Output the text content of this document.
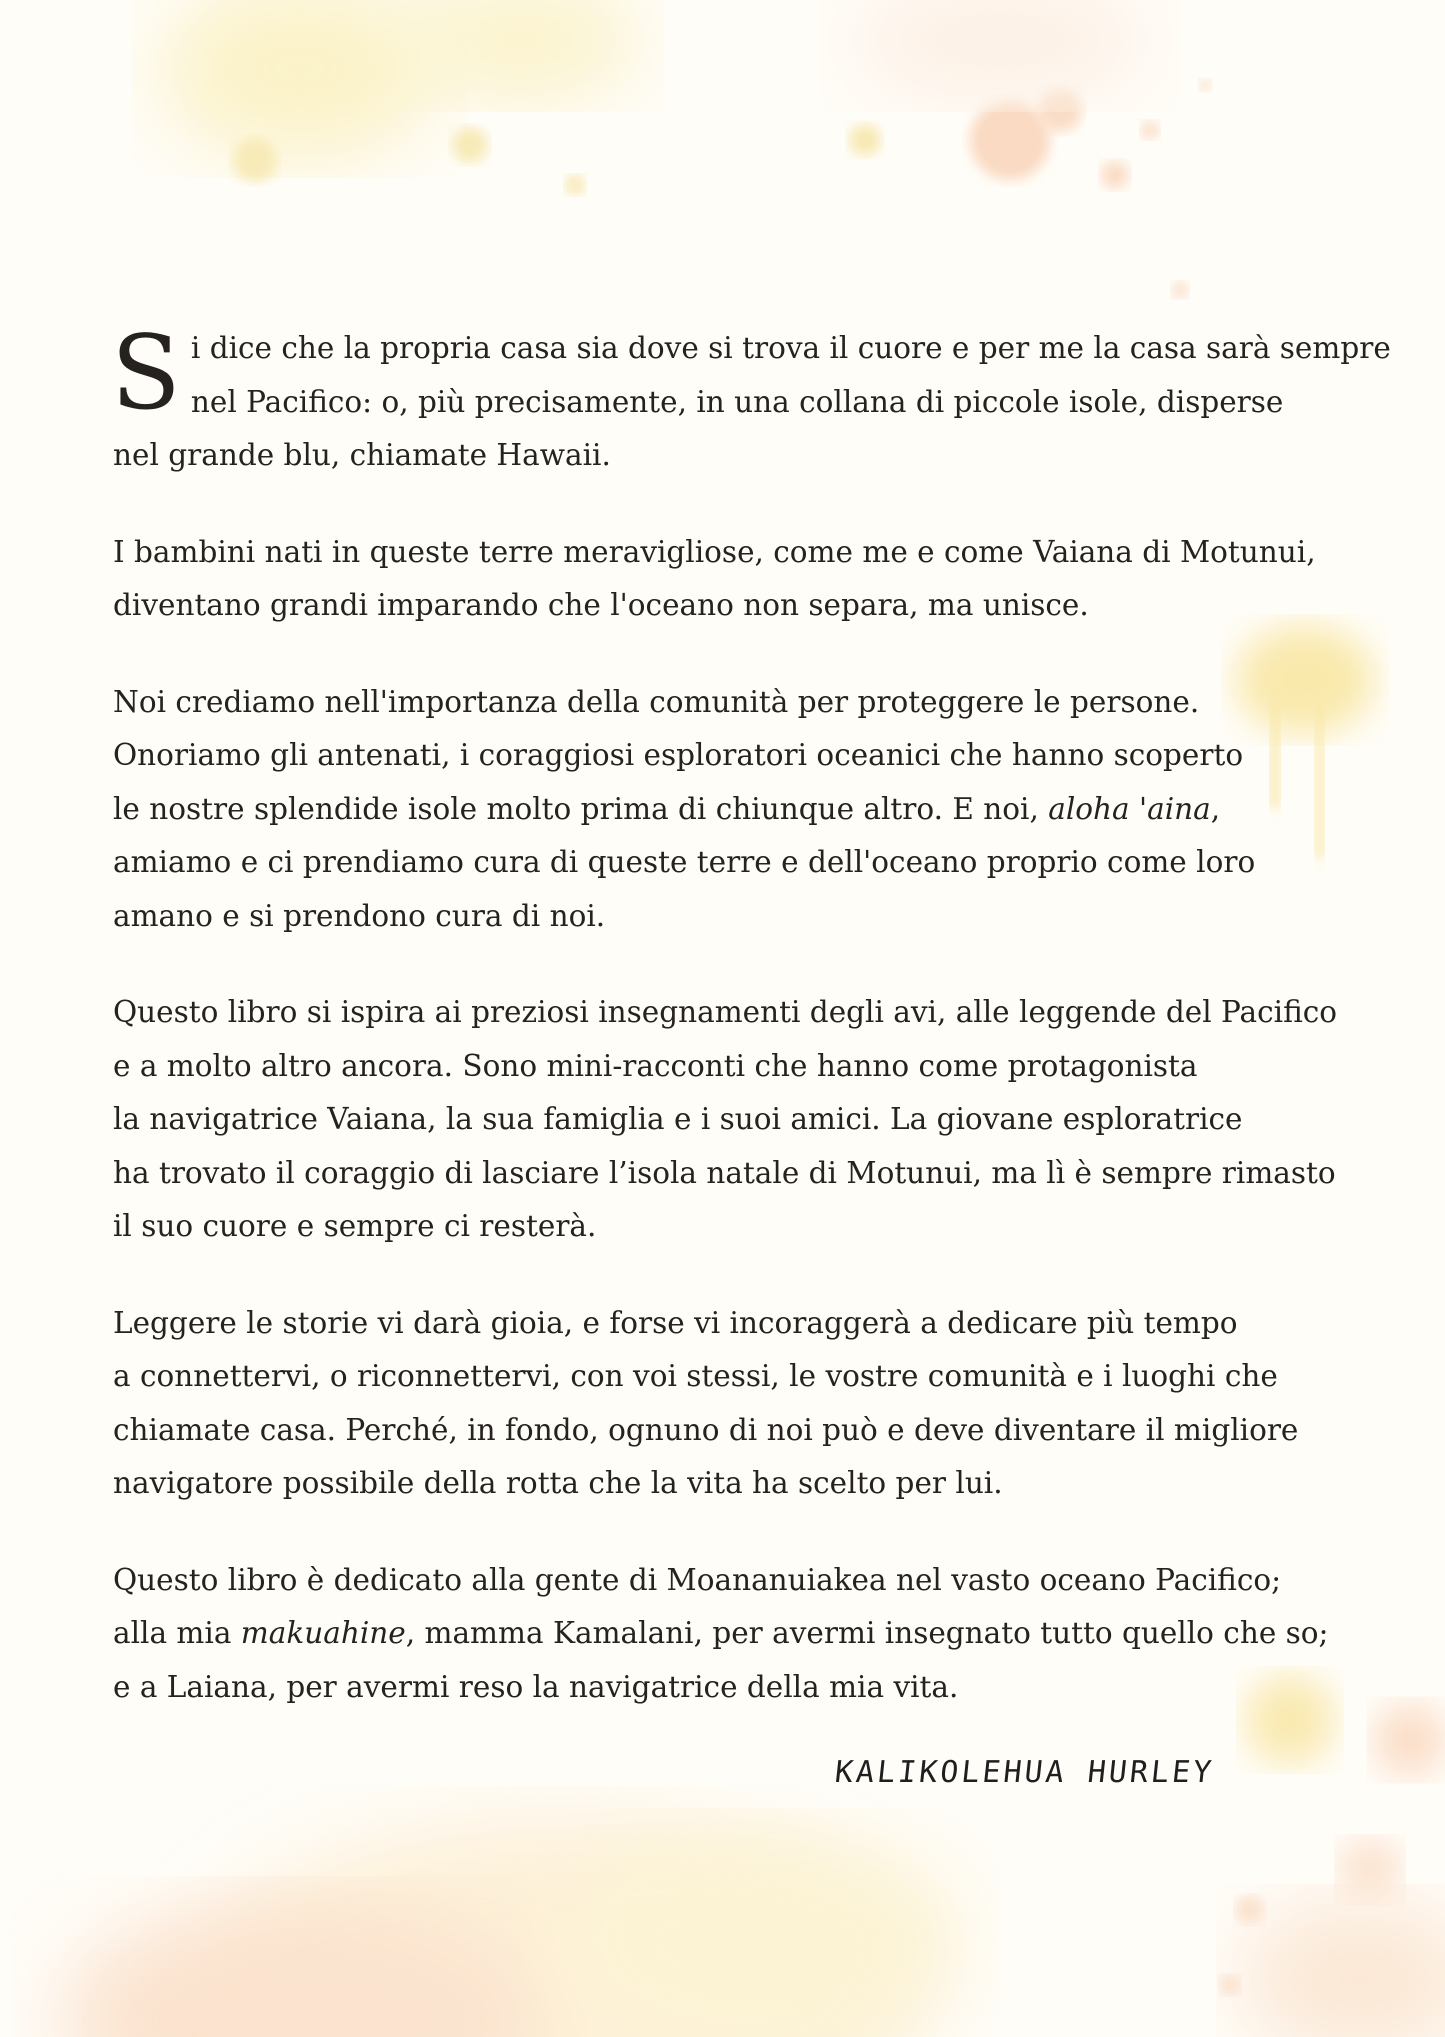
S i dice che la propria casa sia dove si trova il cuore e per me la casa sarà sempre
nel Pacifico: o, più precisamente, in una collana di piccole isole, disperse
nel grande blu, chiamate Hawaii.

I bambini nati in queste terre meravigliose, come me e come Vaiana di Motunui,
diventano grandi imparando che l'oceano non separa, ma unisce.

Noi crediamo nell'importanza della comunità per proteggere le persone.
Onoriamo gli antenati, i coraggiosi esploratori oceanici che hanno scoperto
le nostre splendide isole molto prima di chiunque altro. E noi, aloha 'aina,
amiamo e ci prendiamo cura di queste terre e dell'oceano proprio come loro
amano e si prendono cura di noi.

Questo libro si ispira ai preziosi insegnamenti degli avi, alle leggende del Pacifico
e a molto altro ancora. Sono mini-racconti che hanno come protagonista
la navigatrice Vaiana, la sua famiglia e i suoi amici. La giovane esploratrice
ha trovato il coraggio di lasciare l’isola natale di Motunui, ma lì è sempre rimasto
il suo cuore e sempre ci resterà.

Leggere le storie vi darà gioia, e forse vi incoraggerà a dedicare più tempo
a connettervi, o riconnettervi, con voi stessi, le vostre comunità e i luoghi che
chiamate casa. Perché, in fondo, ognuno di noi può e deve diventare il migliore
navigatore possibile della rotta che la vita ha scelto per lui.

Questo libro è dedicato alla gente di Moananuiakea nel vasto oceano Pacifico;
alla mia makuahine, mamma Kamalani, per avermi insegnato tutto quello che so;
e a Laiana, per avermi reso la navigatrice della mia vita.

KALIKOLEHUA HURLEY
